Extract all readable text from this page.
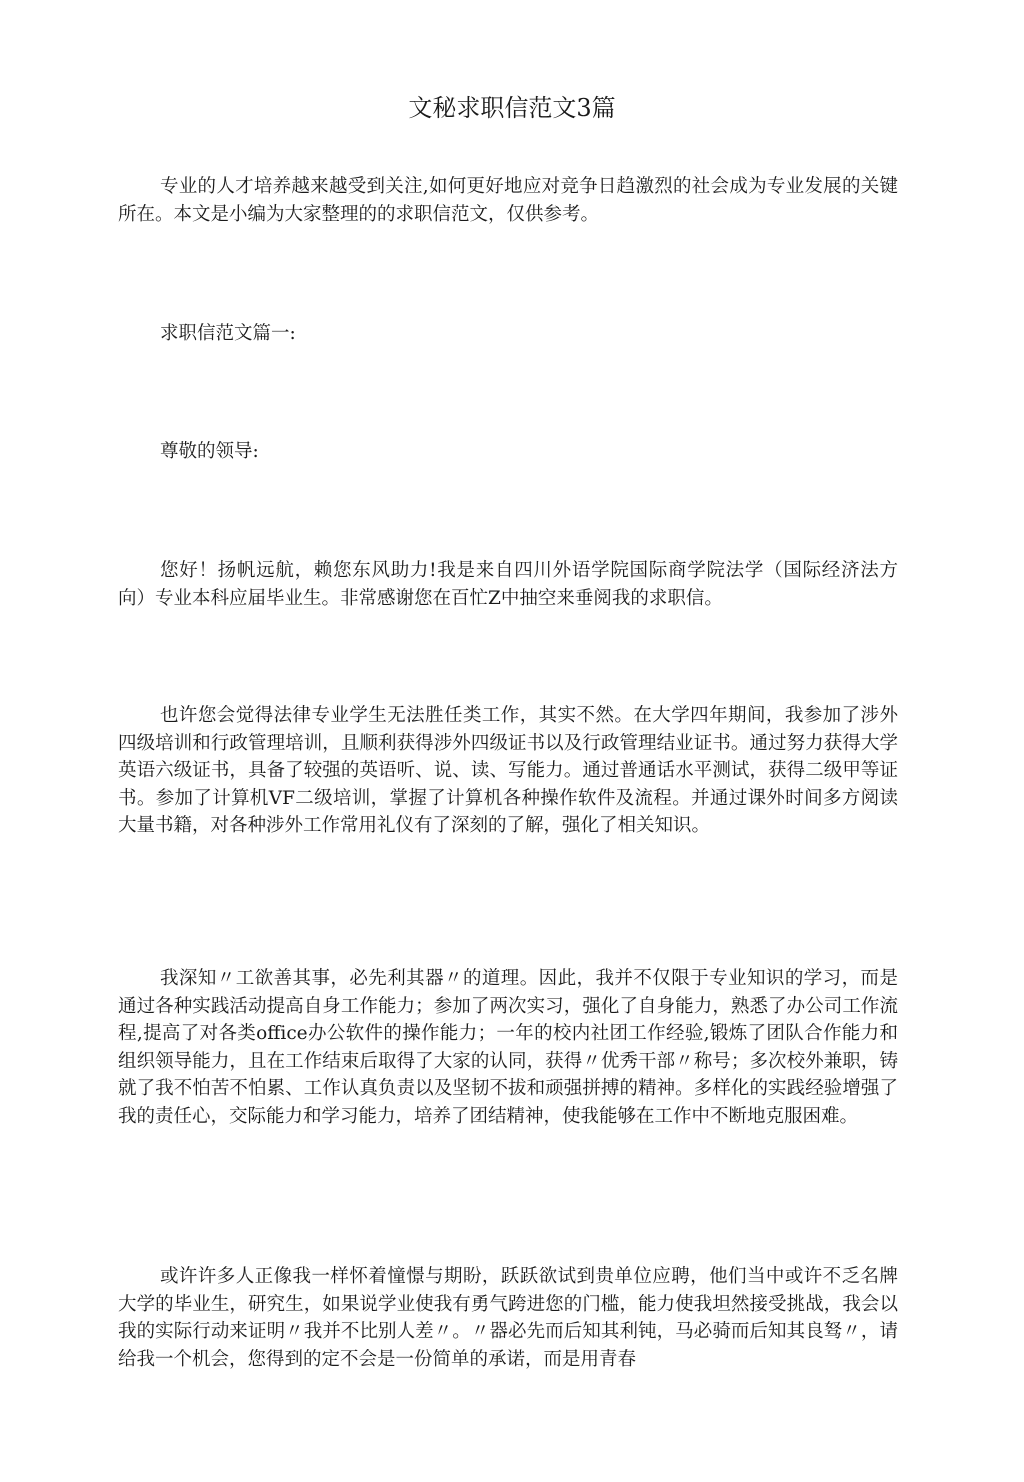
文秘求职信范文3篇

专业的人才培养越来越受到关注,如何更好地应对竞争日趋激烈的社会成为专业发展的关键所在。本文是小编为大家整理的的求职信范文，仅供参考。

求职信范文篇一:

尊敬的领导:

您好！扬帆远航，赖您东风助力!我是来自四川外语学院国际商学院法学（国际经济法方向）专业本科应届毕业生。非常感谢您在百忙Z中抽空来垂阅我的求职信。

也许您会觉得法律专业学生无法胜任类工作，其实不然。在大学四年期间，我参加了涉外四级培训和行政管理培训，且顺利获得涉外四级证书以及行政管理结业证书。通过努力获得大学英语六级证书，具备了较强的英语听、说、读、写能力。通过普通话水平测试，获得二级甲等证书。参加了计算机VF二级培训，掌握了计算机各种操作软件及流程。并通过课外时间多方阅读大量书籍，对各种涉外工作常用礼仪有了深刻的了解，强化了相关知识。

我深知〃工欲善其事，必先利其器〃的道理。因此，我并不仅限于专业知识的学习，而是通过各种实践活动提高自身工作能力；参加了两次实习，强化了自身能力，熟悉了办公司工作流程,提高了对各类office办公软件的操作能力；一年的校内社团工作经验,锻炼了团队合作能力和组织领导能力，且在工作结束后取得了大家的认同，获得〃优秀干部〃称号；多次校外兼职，铸就了我不怕苦不怕累、工作认真负责以及坚韧不拔和顽强拼搏的精神。多样化的实践经验增强了我的责任心，交际能力和学习能力，培养了团结精神，使我能够在工作中不断地克服困难。

或许许多人正像我一样怀着憧憬与期盼，跃跃欲试到贵单位应聘，他们当中或许不乏名牌大学的毕业生，研究生，如果说学业使我有勇气跨进您的门槛，能力使我坦然接受挑战，我会以我的实际行动来证明〃我并不比别人差〃。〃器必先而后知其利钝，马必骑而后知其良驽〃，请给我一个机会，您得到的定不会是一份简单的承诺，而是用青春
